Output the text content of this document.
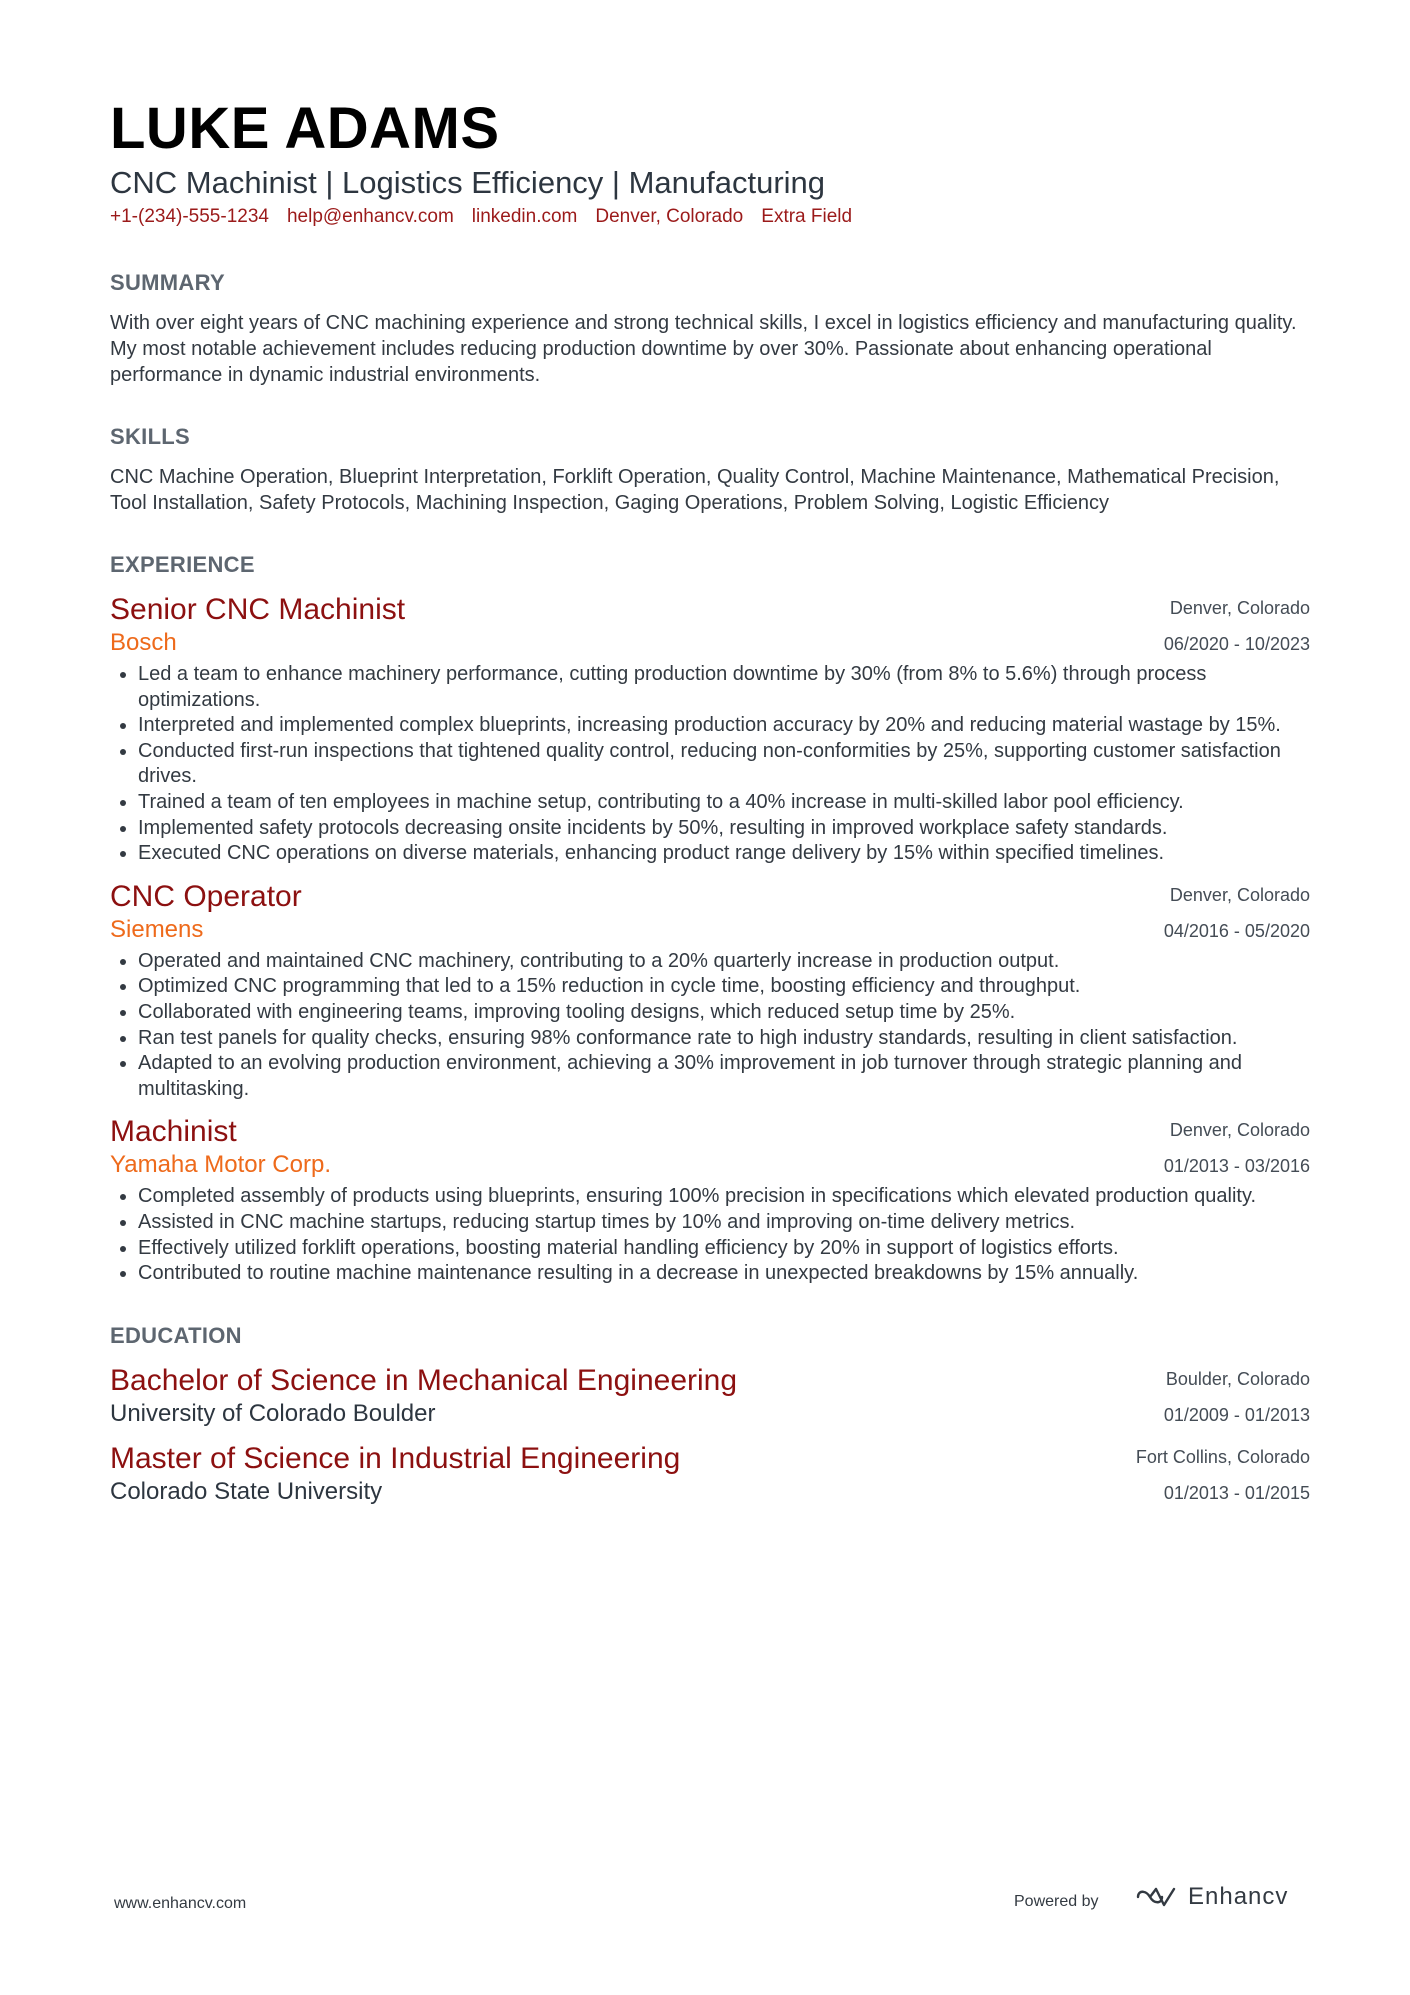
LUKE ADAMS
CNC Machinist | Logistics Efficiency | Manufacturing
+1-(234)-555-1234 help@enhancv.com linkedin.com Denver, Colorado Extra Field
SUMMARY
With over eight years of CNC machining experience and strong technical skills, I excel in logistics efficiency and manufacturing quality. My most notable achievement includes reducing production downtime by over 30%. Passionate about enhancing operational performance in dynamic industrial environments.
SKILLS
CNC Machine Operation, Blueprint Interpretation, Forklift Operation, Quality Control, Machine Maintenance, Mathematical Precision, Tool Installation, Safety Protocols, Machining Inspection, Gaging Operations, Problem Solving, Logistic Efficiency
EXPERIENCE
Senior CNC Machinist
Bosch
Denver, Colorado
06/2020 - 10/2023
• Led a team to enhance machinery performance, cutting production downtime by 30% (from 8% to 5.6%) through process optimizations.
• Interpreted and implemented complex blueprints, increasing production accuracy by 20% and reducing material wastage by 15%.
• Conducted first-run inspections that tightened quality control, reducing non-conformities by 25%, supporting customer satisfaction drives.
• Trained a team of ten employees in machine setup, contributing to a 40% increase in multi-skilled labor pool efficiency.
• Implemented safety protocols decreasing onsite incidents by 50%, resulting in improved workplace safety standards.
• Executed CNC operations on diverse materials, enhancing product range delivery by 15% within specified timelines.
CNC Operator
Siemens
Denver, Colorado
04/2016 - 05/2020
• Operated and maintained CNC machinery, contributing to a 20% quarterly increase in production output.
• Optimized CNC programming that led to a 15% reduction in cycle time, boosting efficiency and throughput.
• Collaborated with engineering teams, improving tooling designs, which reduced setup time by 25%.
• Ran test panels for quality checks, ensuring 98% conformance rate to high industry standards, resulting in client satisfaction.
• Adapted to an evolving production environment, achieving a 30% improvement in job turnover through strategic planning and multitasking.
Machinist
Yamaha Motor Corp.
Denver, Colorado
01/2013 - 03/2016
• Completed assembly of products using blueprints, ensuring 100% precision in specifications which elevated production quality.
• Assisted in CNC machine startups, reducing startup times by 10% and improving on-time delivery metrics.
• Effectively utilized forklift operations, boosting material handling efficiency by 20% in support of logistics efforts.
• Contributed to routine machine maintenance resulting in a decrease in unexpected breakdowns by 15% annually.
EDUCATION
Bachelor of Science in Mechanical Engineering
University of Colorado Boulder
Boulder, Colorado
01/2009 - 01/2013
Master of Science in Industrial Engineering
Colorado State University
Fort Collins, Colorado
01/2013 - 01/2015
www.enhancv.com	Powered by	Enhancv
